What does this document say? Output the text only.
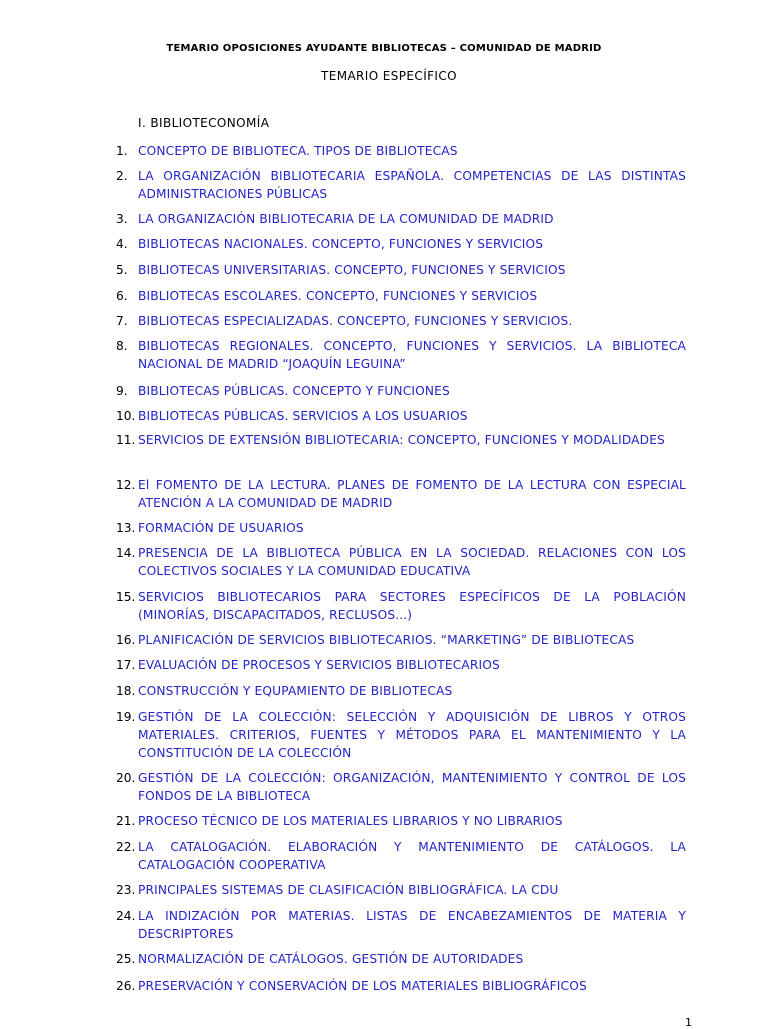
TEMARIO OPOSICIONES AYUDANTE BIBLIOTECAS – COMUNIDAD DE MADRID
TEMARIO ESPECÍFICO
I. BIBLIOTECONOMÍA
1. CONCEPTO DE BIBLIOTECA. TIPOS DE BIBLIOTECAS
2. LA ORGANIZACIÓN BIBLIOTECARIA ESPAÑOLA. COMPETENCIAS DE LAS DISTINTAS ADMINISTRACIONES PÚBLICAS
3. LA ORGANIZACIÓN BIBLIOTECARIA DE LA COMUNIDAD DE MADRID
4. BIBLIOTECAS NACIONALES. CONCEPTO, FUNCIONES Y SERVICIOS
5. BIBLIOTECAS UNIVERSITARIAS. CONCEPTO, FUNCIONES Y SERVICIOS
6. BIBLIOTECAS ESCOLARES. CONCEPTO, FUNCIONES Y SERVICIOS
7. BIBLIOTECAS ESPECIALIZADAS. CONCEPTO, FUNCIONES Y SERVICIOS.
8. BIBLIOTECAS REGIONALES. CONCEPTO, FUNCIONES Y SERVICIOS. LA BIBLIOTECA NACIONAL DE MADRID “JOAQUÍN LEGUINA”
9. BIBLIOTECAS PÚBLICAS. CONCEPTO Y FUNCIONES
10. BIBLIOTECAS PÚBLICAS. SERVICIOS A LOS USUARIOS
11. SERVICIOS DE EXTENSIÓN BIBLIOTECARIA: CONCEPTO, FUNCIONES Y MODALIDADES
12. El FOMENTO DE LA LECTURA. PLANES DE FOMENTO DE LA LECTURA CON ESPECIAL ATENCIÓN A LA COMUNIDAD DE MADRID
13. FORMACIÓN DE USUARIOS
14. PRESENCIA DE LA BIBLIOTECA PÚBLICA EN LA SOCIEDAD. RELACIONES CON LOS COLECTIVOS SOCIALES Y LA COMUNIDAD EDUCATIVA
15. SERVICIOS BIBLIOTECARIOS PARA SECTORES ESPECÍFICOS DE LA POBLACIÓN (MINORÍAS, DISCAPACITADOS, RECLUSOS...)
16. PLANIFICACIÓN DE SERVICIOS BIBLIOTECARIOS. “MARKETING” DE BIBLIOTECAS
17. EVALUACIÓN DE PROCESOS Y SERVICIOS BIBLIOTECARIOS
18. CONSTRUCCIÓN Y EQUPAMIENTO DE BIBLIOTECAS
19. GESTIÓN DE LA COLECCIÓN: SELECCIÓN Y ADQUISICIÓN DE LIBROS Y OTROS MATERIALES. CRITERIOS, FUENTES Y MÉTODOS PARA EL MANTENIMIENTO Y LA CONSTITUCIÓN DE LA COLECCIÓN
20. GESTIÓN DE LA COLECCIÓN: ORGANIZACIÓN, MANTENIMIENTO Y CONTROL DE LOS FONDOS DE LA BIBLIOTECA
21. PROCESO TÉCNICO DE LOS MATERIALES LIBRARIOS Y NO LIBRARIOS
22. LA CATALOGACIÓN. ELABORACIÓN Y MANTENIMIENTO DE CATÁLOGOS. LA CATALOGACIÓN COOPERATIVA
23. PRINCIPALES SISTEMAS DE CLASIFICACIÓN BIBLIOGRÁFICA. LA CDU
24. LA INDIZACIÓN POR MATERIAS. LISTAS DE ENCABEZAMIENTOS DE MATERIA Y DESCRIPTORES
25. NORMALIZACIÓN DE CATÁLOGOS. GESTIÓN DE AUTORIDADES
26. PRESERVACIÓN Y CONSERVACIÓN DE LOS MATERIALES BIBLIOGRÁFICOS
1
